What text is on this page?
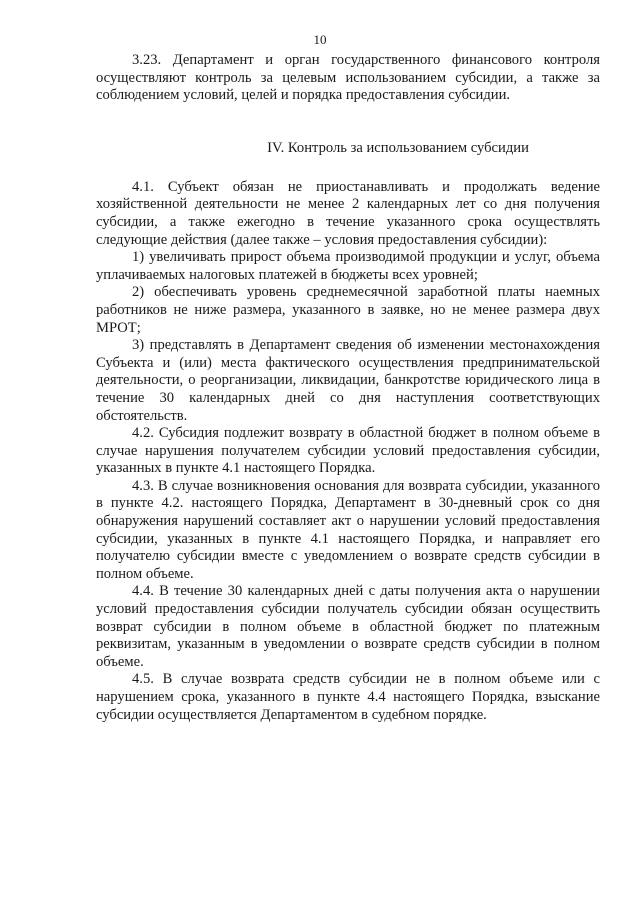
10

3.23. Департамент и орган государственного финансового контроля осуществляют контроль за целевым использованием субсидии, а также за соблюдением условий, целей и порядка предоставления субсидии.

IV. Контроль за использованием субсидии

4.1. Субъект обязан не приостанавливать и продолжать ведение хозяйственной деятельности не менее 2 календарных лет со дня получения субсидии, а также ежегодно в течение указанного срока осуществлять следующие действия (далее также – условия предоставления субсидии):

1) увеличивать прирост объема производимой продукции и услуг, объема уплачиваемых налоговых платежей в бюджеты всех уровней;

2) обеспечивать уровень среднемесячной заработной платы наемных работников не ниже размера, указанного в заявке, но не менее размера двух МРОТ;

3) представлять в Департамент сведения об изменении местонахождения Субъекта и (или) места фактического осуществления предпринимательской деятельности, о реорганизации, ликвидации, банкротстве юридического лица в течение 30 календарных дней со дня наступления соответствующих обстоятельств.

4.2. Субсидия подлежит возврату в областной бюджет в полном объеме в случае нарушения получателем субсидии условий предоставления субсидии, указанных в пункте 4.1 настоящего Порядка.

4.3. В случае возникновения основания для возврата субсидии, указанного в пункте 4.2. настоящего Порядка, Департамент в 30-дневный срок со дня обнаружения нарушений составляет акт о нарушении условий предоставления субсидии, указанных в пункте 4.1 настоящего Порядка, и направляет его получателю субсидии вместе с уведомлением о возврате средств субсидии в полном объеме.

4.4. В течение 30 календарных дней с даты получения акта о нарушении условий предоставления субсидии получатель субсидии обязан осуществить возврат субсидии в полном объеме в областной бюджет по платежным реквизитам, указанным в уведомлении о возврате средств субсидии в полном объеме.

4.5. В случае возврата средств субсидии не в полном объеме или с нарушением срока, указанного в пункте 4.4 настоящего Порядка, взыскание субсидии осуществляется Департаментом в судебном порядке.
